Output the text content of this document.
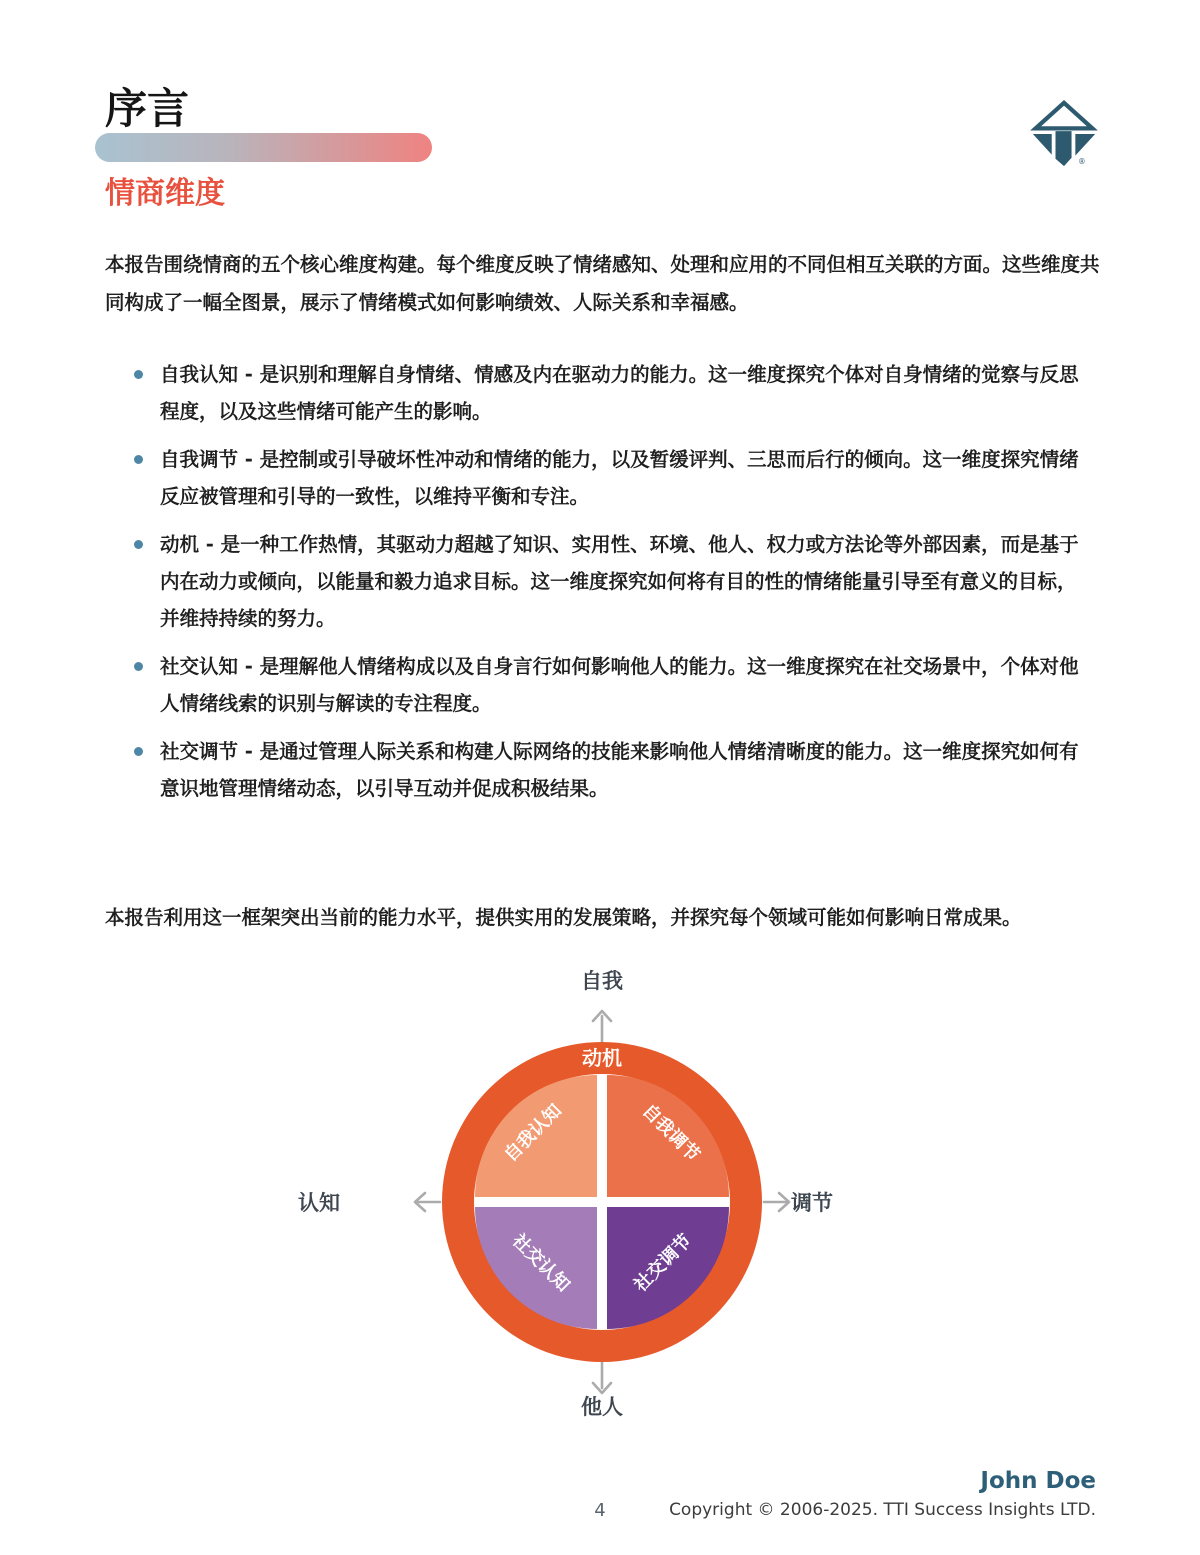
序言
情商维度
®
本报告围绕情商的五个核心维度构建。每个维度反映了情绪感知、处理和应用的不同但相互关联的方面。这些维度共同构成了一幅全图景，展示了情绪模式如何影响绩效、人际关系和幸福感。
自我认知 - 是识别和理解自身情绪、情感及内在驱动力的能力。这一维度探究个体对自身情绪的觉察与反思程度，以及这些情绪可能产生的影响。
自我调节 - 是控制或引导破坏性冲动和情绪的能力，以及暂缓评判、三思而后行的倾向。这一维度探究情绪反应被管理和引导的一致性，以维持平衡和专注。
动机 - 是一种工作热情，其驱动力超越了知识、实用性、环境、他人、权力或方法论等外部因素，而是基于内在动力或倾向，以能量和毅力追求目标。这一维度探究如何将有目的性的情绪能量引导至有意义的目标，并维持持续的努力。
社交认知 - 是理解他人情绪构成以及自身言行如何影响他人的能力。这一维度探究在社交场景中，个体对他人情绪线索的识别与解读的专注程度。
社交调节 - 是通过管理人际关系和构建人际网络的技能来影响他人情绪清晰度的能力。这一维度探究如何有意识地管理情绪动态，以引导互动并促成积极结果。
本报告利用这一框架突出当前的能力水平，提供实用的发展策略，并探究每个领域可能如何影响日常成果。
自我
他人
认知	调节
动机
自我认知	自我调节
社交认知	社交调节
John Doe
Copyright © 2006-2025. TTI Success Insights LTD.
4
